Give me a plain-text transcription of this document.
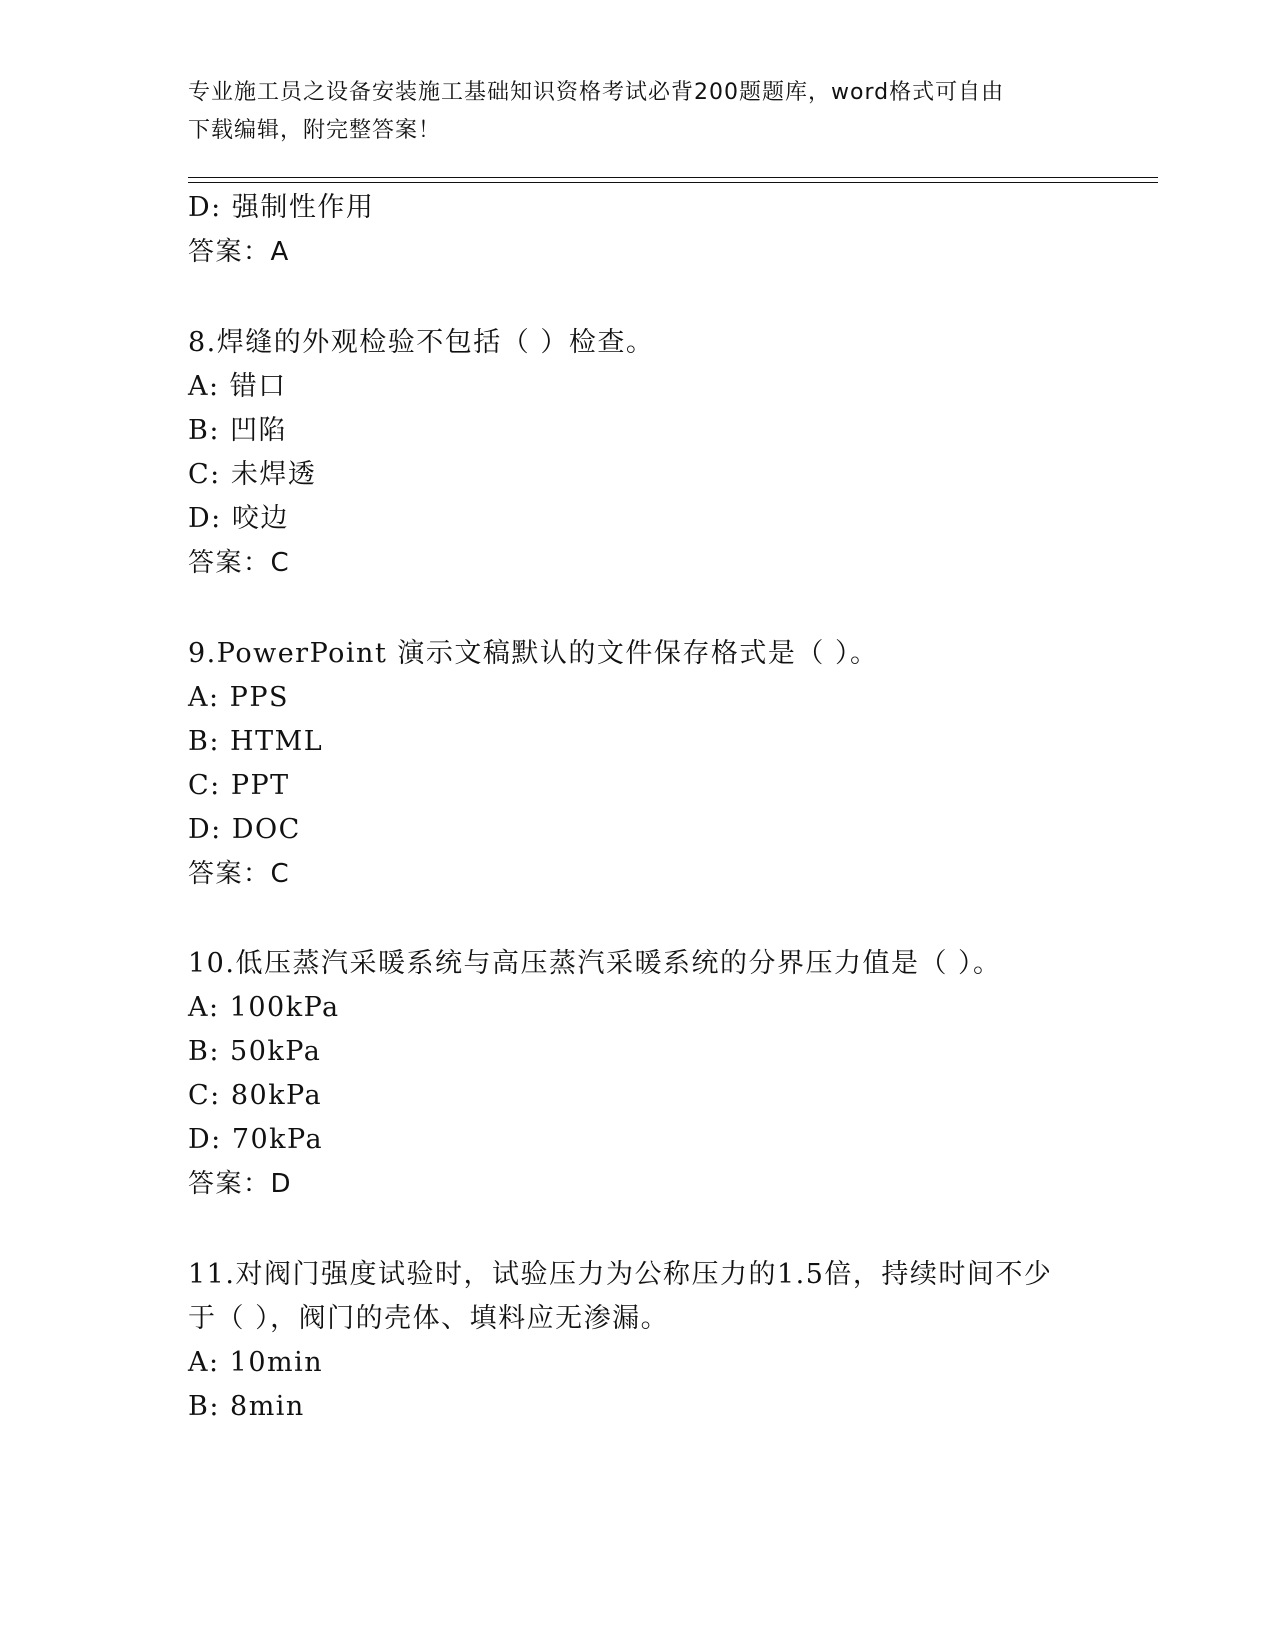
专业施工员之设备安装施工基础知识资格考试必背200题题库，word格式可自由
下载编辑，附完整答案！
D: 强制性作用
答案：A
8.焊缝的外观检验不包括（ ）检查。
A: 错口
B: 凹陷
C: 未焊透
D: 咬边
答案：C
9.PowerPoint 演示文稿默认的文件保存格式是（ ）。
A: PPS
B: HTML
C: PPT
D: DOC
答案：C
10.低压蒸汽采暖系统与高压蒸汽采暖系统的分界压力值是（ ）。
A: 100kPa
B: 50kPa
C: 80kPa
D: 70kPa
答案：D
11.对阀门强度试验时，试验压力为公称压力的1.5倍，持续时间不少
于（ ），阀门的壳体、填料应无渗漏。
A: 10min
B: 8min
